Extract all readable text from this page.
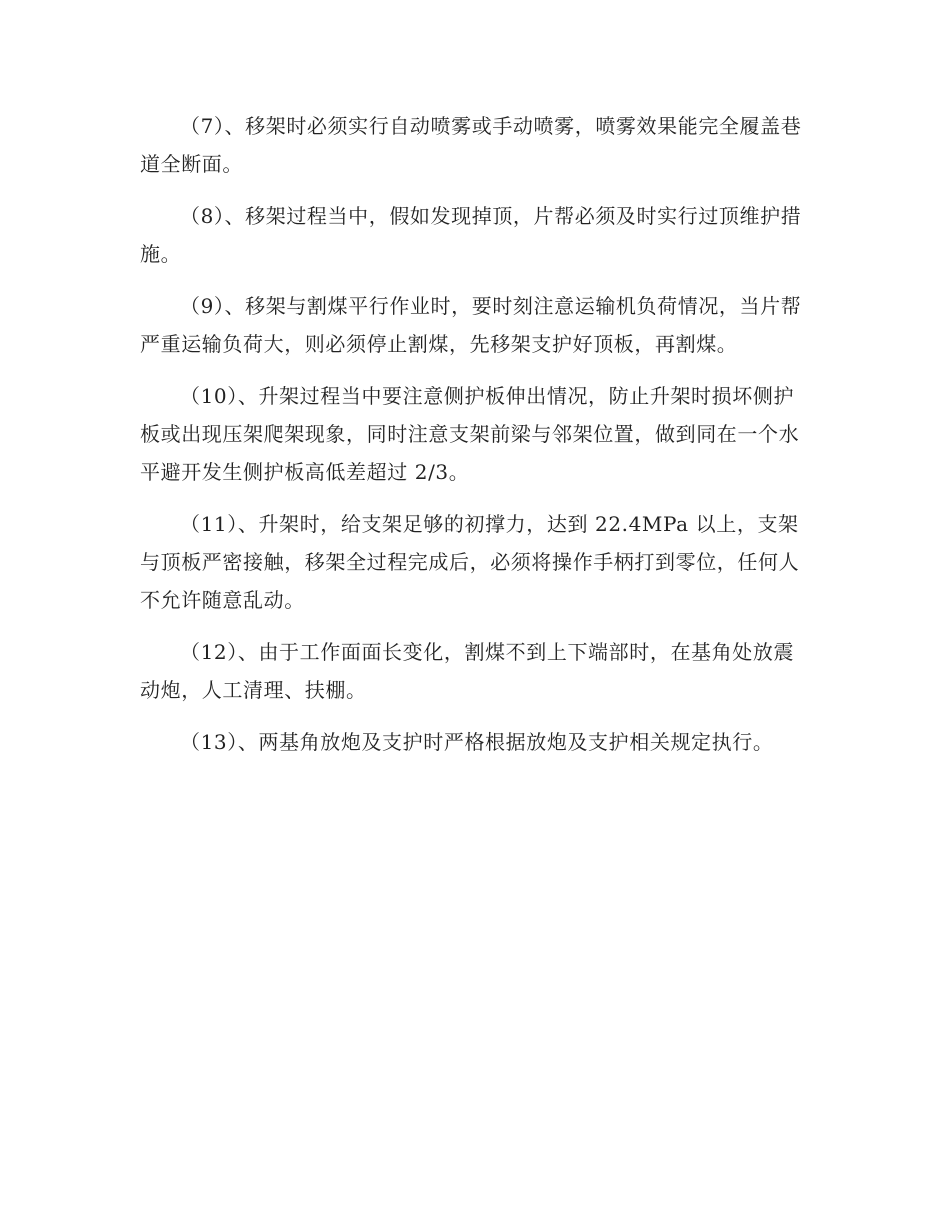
（7）、移架时必须实行自动喷雾或手动喷雾，喷雾效果能完全履盖巷道全断面。

（8）、移架过程当中，假如发现掉顶，片帮必须及时实行过顶维护措施。

（9）、移架与割煤平行作业时，要时刻注意运输机负荷情况，当片帮严重运输负荷大，则必须停止割煤，先移架支护好顶板，再割煤。

（10）、升架过程当中要注意侧护板伸出情况，防止升架时损坏侧护板或出现压架爬架现象，同时注意支架前梁与邻架位置，做到同在一个水平避开发生侧护板高低差超过 2/3。

（11）、升架时，给支架足够的初撑力，达到 22.4MPa 以上，支架与顶板严密接触，移架全过程完成后，必须将操作手柄打到零位，任何人不允许随意乱动。

（12）、由于工作面面长变化，割煤不到上下端部时，在基角处放震动炮，人工清理、扶棚。

（13）、两基角放炮及支护时严格根据放炮及支护相关规定执行。
